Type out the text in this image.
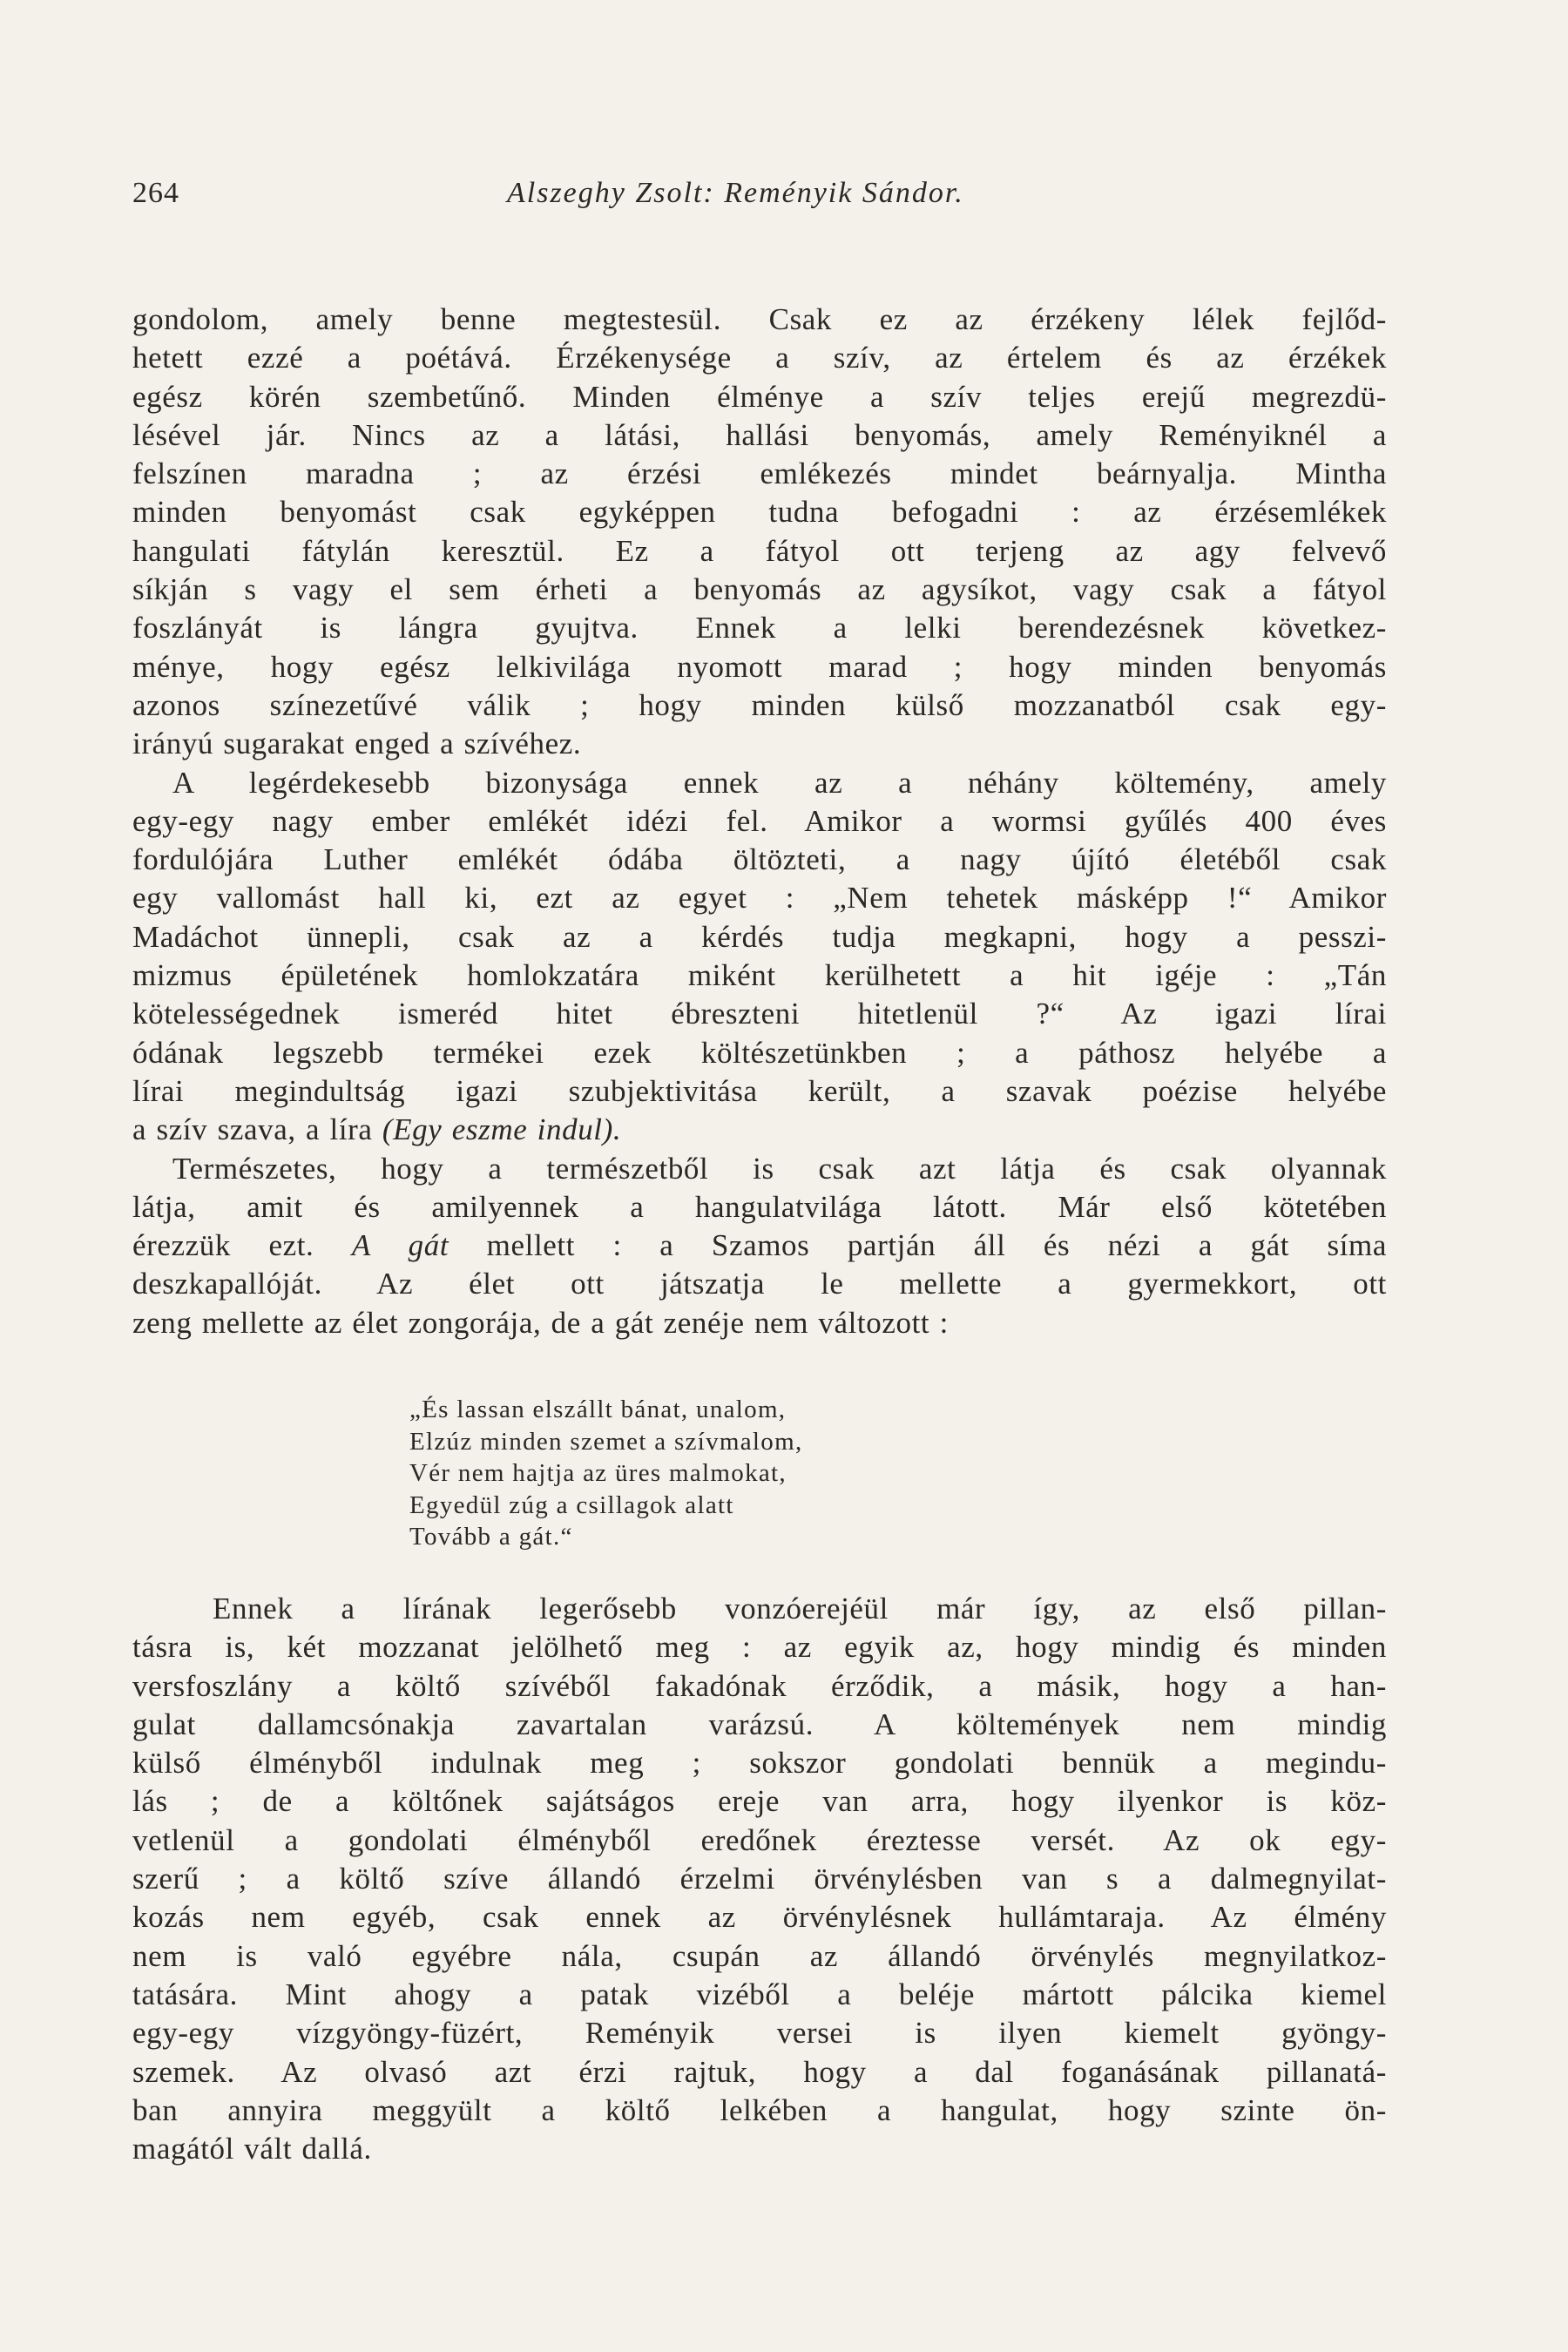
264	Alszeghy Zsolt: Reményik Sándor.

gondolom, amely benne megtestesül. Csak ez az érzékeny lélek fejlőd-
hetett ezzé a poétává. Érzékenysége a szív, az értelem és az érzékek
egész körén szembetűnő. Minden élménye a szív teljes erejű megrezdü-
lésével jár. Nincs az a látási, hallási benyomás, amely Reményiknél a
felszínen maradna ; az érzési emlékezés mindet beárnyalja. Mintha
minden benyomást csak egyképpen tudna befogadni : az érzésemlékek
hangulati fátylán keresztül. Ez a fátyol ott terjeng az agy felvevő
síkján s vagy el sem érheti a benyomás az agysíkot, vagy csak a fátyol
foszlányát is lángra gyujtva. Ennek a lelki berendezésnek következ-
ménye, hogy egész lelkivilága nyomott marad ; hogy minden benyomás
azonos színezetűvé válik ; hogy minden külső mozzanatból csak egy-
irányú sugarakat enged a szívéhez.

A legérdekesebb bizonysága ennek az a néhány költemény, amely
egy-egy nagy ember emlékét idézi fel. Amikor a wormsi gyűlés 400 éves
fordulójára Luther emlékét ódába öltözteti, a nagy újító életéből csak
egy vallomást hall ki, ezt az egyet : „Nem tehetek másképp !“ Amikor
Madáchot ünnepli, csak az a kérdés tudja megkapni, hogy a pesszi-
mizmus épületének homlokzatára miként kerülhetett a hit igéje : „Tán
kötelességednek ismeréd hitet ébreszteni hitetlenül ?“ Az igazi lírai
ódának legszebb termékei ezek költészetünkben ; a páthosz helyébe a
lírai megindultság igazi szubjektivitása került, a szavak poézise helyébe
a szív szava, a líra (Egy eszme indul).

Természetes, hogy a természetből is csak azt látja és csak olyannak
látja, amit és amilyennek a hangulatvilága látott. Már első kötetében
érezzük ezt. A gát mellett : a Szamos partján áll és nézi a gát síma
deszkapallóját. Az élet ott játszatja le mellette a gyermekkort, ott
zeng mellette az élet zongorája, de a gát zenéje nem változott :

„És lassan elszállt bánat, unalom,
Elzúz minden szemet a szívmalom,
Vér nem hajtja az üres malmokat,
Egyedül zúg a csillagok alatt
Tovább a gát.“

Ennek a lírának legerősebb vonzóerejéül már így, az első pillan-
tásra is, két mozzanat jelölhető meg : az egyik az, hogy mindig és minden
versfoszlány a költő szívéből fakadónak érződik, a másik, hogy a han-
gulat dallamcsónakja zavartalan varázsú. A költemények nem mindig
külső élményből indulnak meg ; sokszor gondolati bennük a megindu-
lás ; de a költőnek sajátságos ereje van arra, hogy ilyenkor is köz-
vetlenül a gondolati élményből eredőnek éreztesse versét. Az ok egy-
szerű ; a költő szíve állandó érzelmi örvénylésben van s a dalmegnyilat-
kozás nem egyéb, csak ennek az örvénylésnek hullámtaraja. Az élmény
nem is való egyébre nála, csupán az állandó örvénylés megnyilatkoz-
tatására. Mint ahogy a patak vizéből a beléje mártott pálcika kiemel
egy-egy vízgyöngy-füzért, Reményik versei is ilyen kiemelt gyöngy-
szemek. Az olvasó azt érzi rajtuk, hogy a dal foganásának pillanatá-
ban annyira meggyült a költő lelkében a hangulat, hogy szinte ön-
magától vált dallá.
